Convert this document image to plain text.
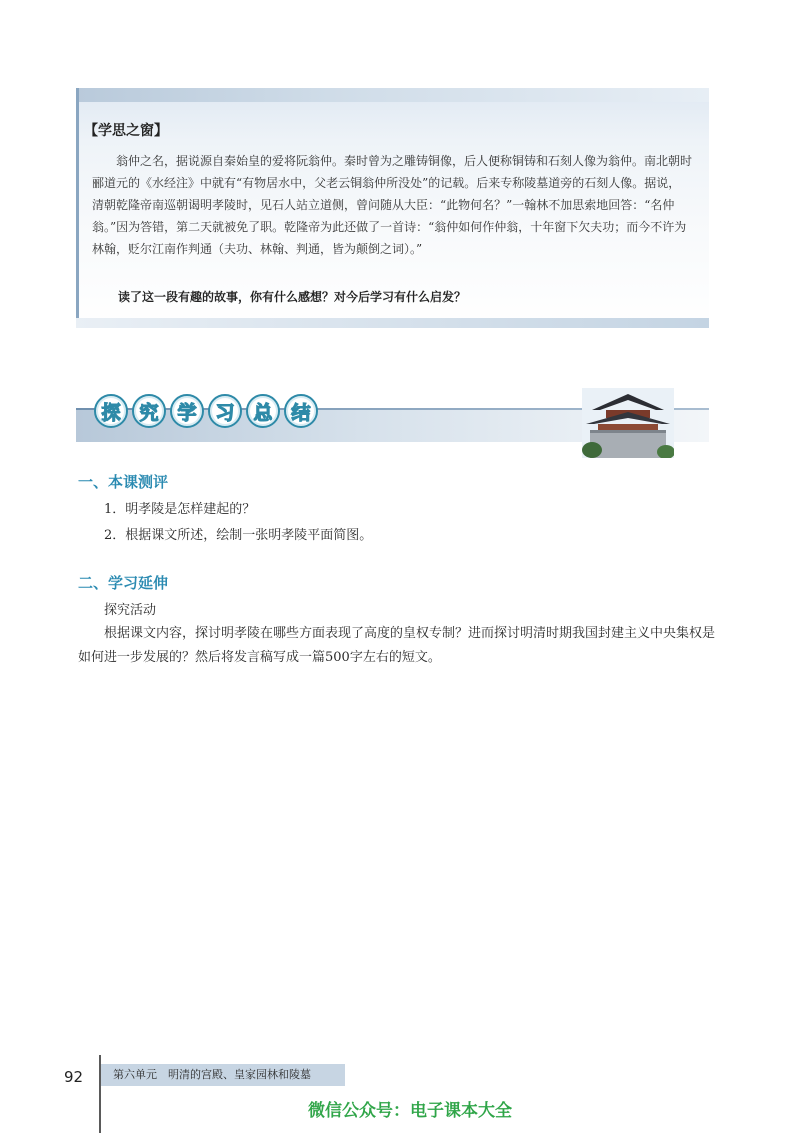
【学思之窗】

翁仲之名，据说源自秦始皇的爱将阮翁仲。秦时曾为之雕铸铜像，后人便称铜铸和石刻人像为翁仲。南北朝时郦道元的《水经注》中就有“有物居水中，父老云铜翁仲所没处”的记载。后来专称陵墓道旁的石刻人像。据说，清朝乾隆帝南巡朝谒明孝陵时，见石人站立道侧，曾问随从大臣：“此物何名？”一翰林不加思索地回答：“名仲翁。”因为答错，第二天就被免了职。乾隆帝为此还做了一首诗：“翁仲如何作仲翁，十年窗下欠夫功；而今不许为林翰，贬尔江南作判通（夫功、林翰、判通，皆为颠倒之词）。”

读了这一段有趣的故事，你有什么感想？对今后学习有什么启发？
探 究 学 习 总 结
一、本课测评
1．明孝陵是怎样建起的？
2．根据课文所述，绘制一张明孝陵平面简图。
二、学习延伸
探究活动

根据课文内容，探讨明孝陵在哪些方面表现了高度的皇权专制？进而探讨明清时期我国封建主义中央集权是如何进一步发展的？然后将发言稿写成一篇500字左右的短文。

92	第六单元　明清的宫殿、皇家园林和陵墓
微信公众号：电子课本大全
